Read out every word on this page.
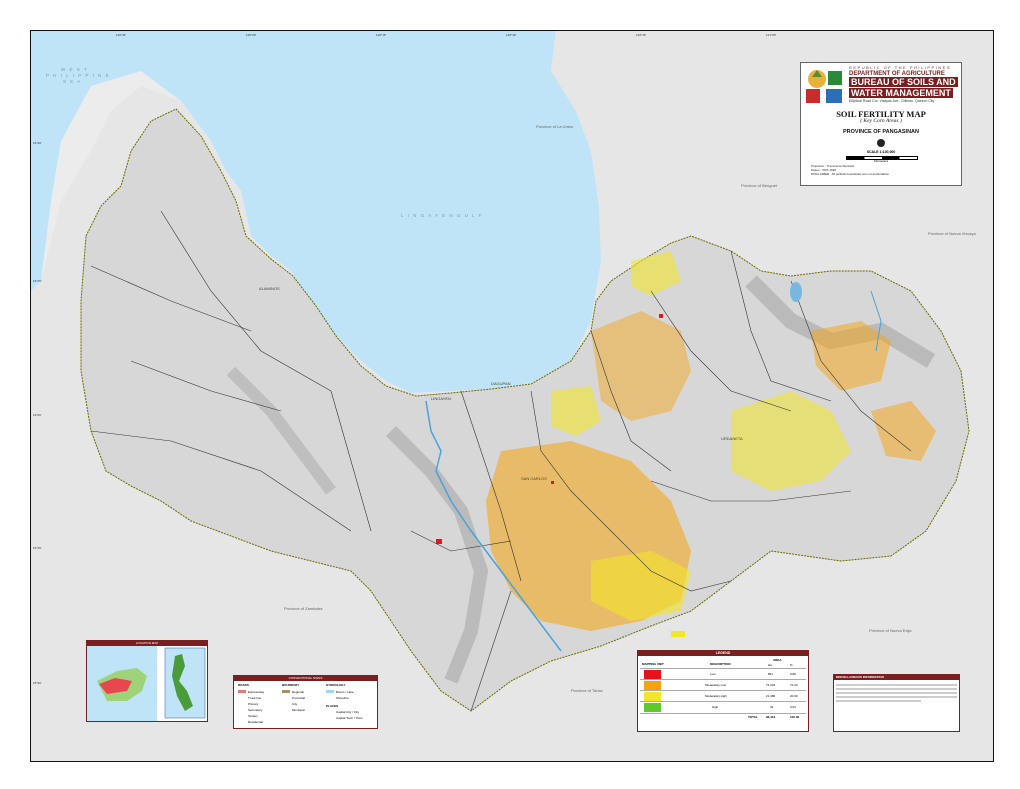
W E S T
P H I L I P P I N E
S E A
L I N G A Y E N G U L F
Province of La Union
Province of Benguet
Province of Nueva Vizcaya
Province of Zambales
Province of Tarlac
Province of Nueva Ecija
ALAMINOS
DAGUPAN
LINGAYEN
URDANETA
SAN CARLOS
16°30'
16°15'
16°00'
15°45'
15°30'
119°45'	120°00'	120°15'	120°30'	120°45'	121°00'
REPUBLIC OF THE PHILIPPINES
DEPARTMENT OF AGRICULTURE
BUREAU OF SOILS AND
WATER MANAGEMENT
Elliptical Road Cor. Visayas Ave., Diliman, Quezon City
SOIL FERTILITY MAP
( Key Corn Areas )
PROVINCE OF PANGASINAN
SCALE 1:120,000
Kilometers
Projection : Transverse Mercator
Datum : PRS 1992
DISCLAIMER : All political boundaries are not authoritative
LOCATION MAP
CONVENTIONAL SIGNS
ROADS	BOUNDARY	HYDROLOGY
Expressway
Trunk line
Primary
Secondary
Tertiary
Residential
Regional
Provincial
City
Municipal
Rivers / Lake
Shoreline
PLACES
Capital City / City
Capital Town / Town
LEGEND
MAPPING UNIT	DESCRIPTION
AREA
Ha	%
Low	861	0.86
Moderately Low	74,024	72.33
Moderately High	21,486	20.99
High	42	0.04
TOTAL	96,413	100.00
MISCELLANEOUS INFORMATION
